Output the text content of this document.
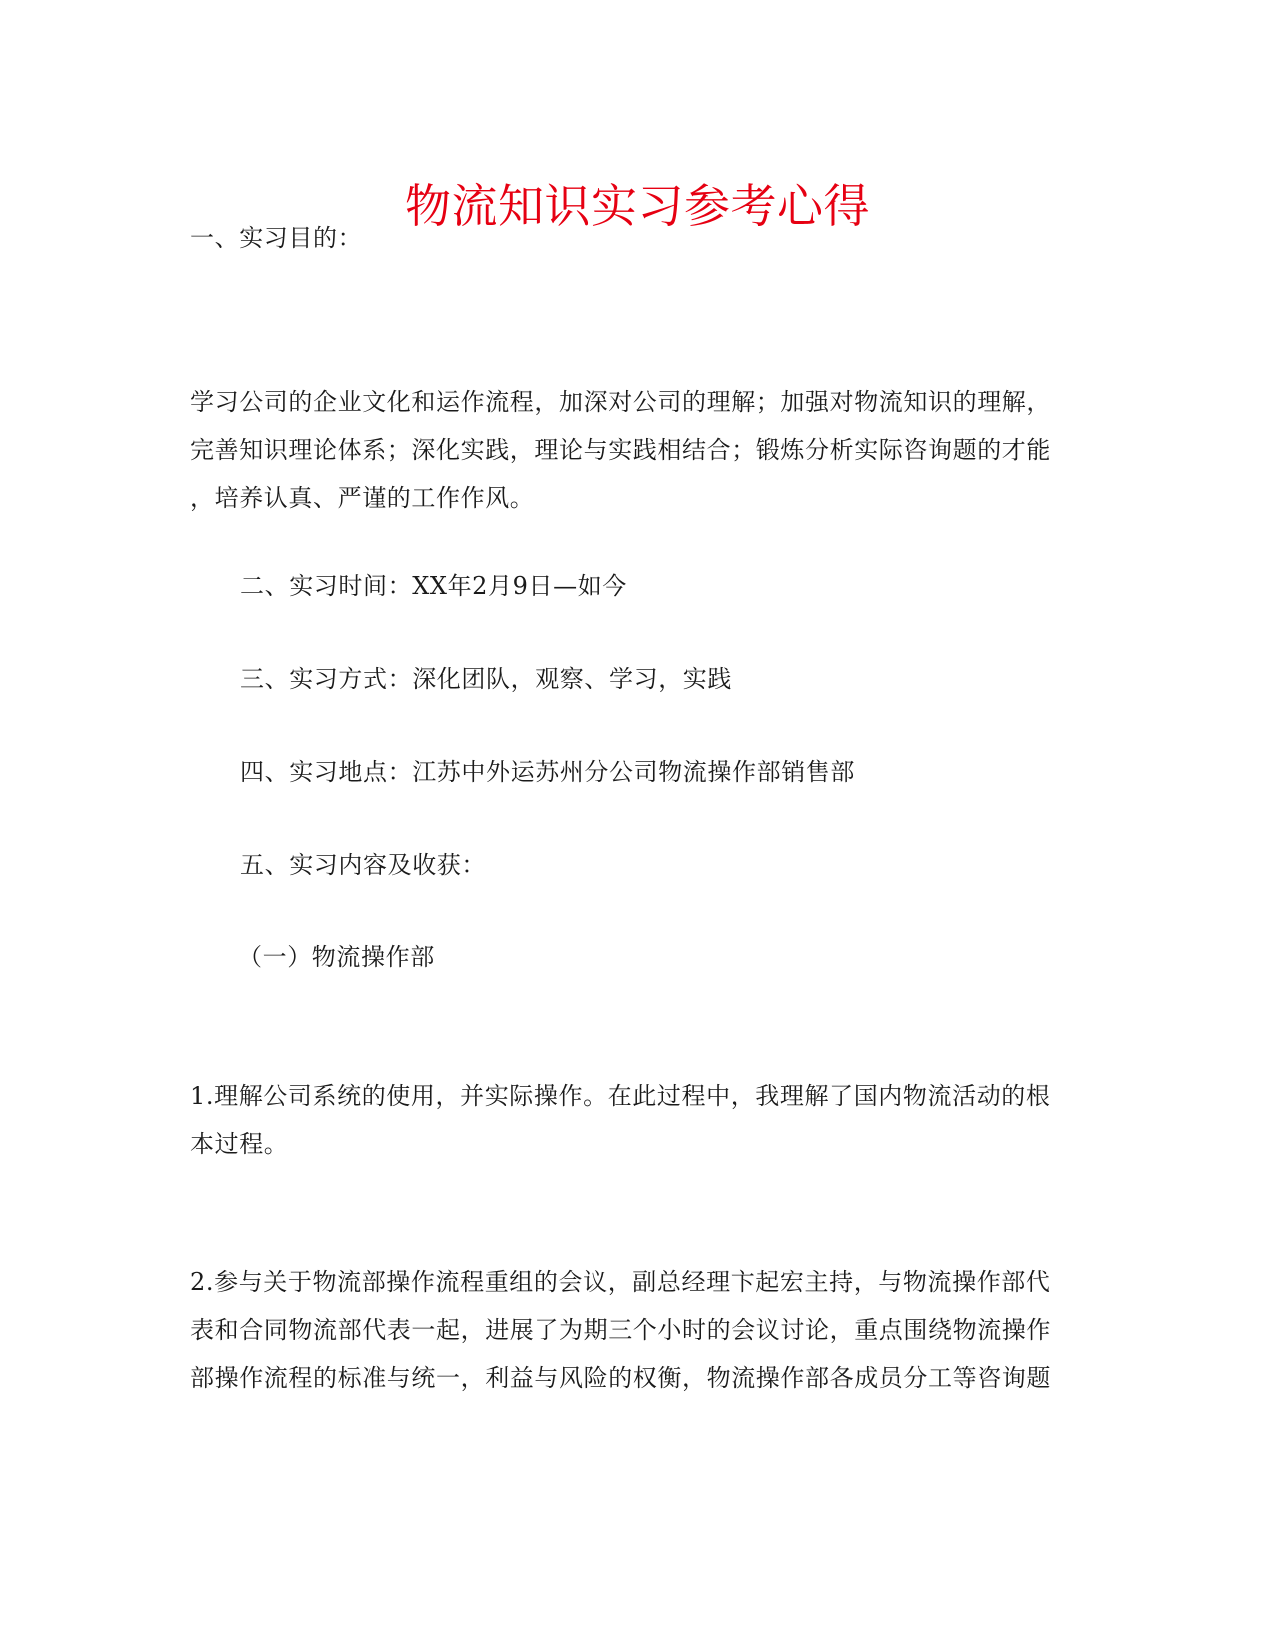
物流知识实习参考心得
一、实习目的：
学习公司的企业文化和运作流程，加深对公司的理解；加强对物流知识的理解，
完善知识理论体系；深化实践，理论与实践相结合；锻炼分析实际咨询题的才能
，培养认真、严谨的工作作风。
二、实习时间：XX年2月9日—如今
三、实习方式：深化团队，观察、学习，实践
四、实习地点：江苏中外运苏州分公司物流操作部销售部
五、实习内容及收获：
（一）物流操作部
1.理解公司系统的使用，并实际操作。在此过程中，我理解了国内物流活动的根
本过程。
2.参与关于物流部操作流程重组的会议，副总经理卞起宏主持，与物流操作部代
表和合同物流部代表一起，进展了为期三个小时的会议讨论，重点围绕物流操作
部操作流程的标准与统一，利益与风险的权衡，物流操作部各成员分工等咨询题
